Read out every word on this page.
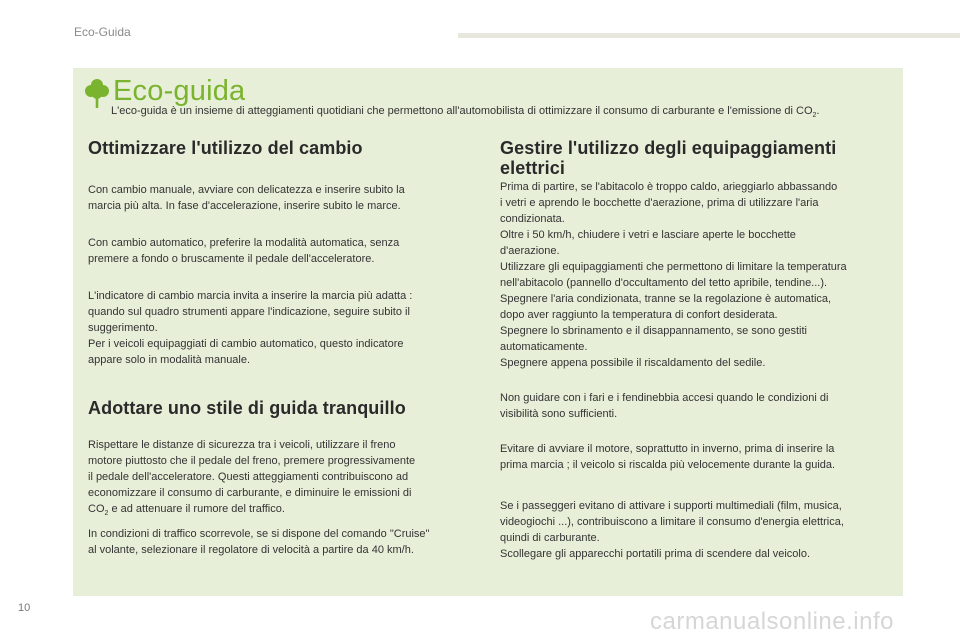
Eco-Guida
Eco-guida
L'eco-guida è un insieme di atteggiamenti quotidiani che permettono all'automobilista di ottimizzare il consumo di carburante e l'emissione di $CO_2$.
Ottimizzare l'utilizzo del cambio

Con cambio manuale, avviare con delicatezza e inserire subito la
marcia più alta. In fase d'accelerazione, inserire subito le marce.

Con cambio automatico, preferire la modalità automatica, senza
premere a fondo o bruscamente il pedale dell'acceleratore.

L'indicatore di cambio marcia invita a inserire la marcia più adatta :
quando sul quadro strumenti appare l'indicazione, seguire subito il
suggerimento.
Per i veicoli equipaggiati di cambio automatico, questo indicatore
appare solo in modalità manuale.

Adottare uno stile di guida tranquillo

Rispettare le distanze di sicurezza tra i veicoli, utilizzare il freno
motore piuttosto che il pedale del freno, premere progressivamente
il pedale dell'acceleratore. Questi atteggiamenti contribuiscono ad
economizzare il consumo di carburante, e diminuire le emissioni di
$CO_2$ e ad attenuare il rumore del traffico.

In condizioni di traffico scorrevole, se si dispone del comando "Cruise"
al volante, selezionare il regolatore di velocità a partire da 40 km/h.

Gestire l'utilizzo degli equipaggiamenti
elettrici

Prima di partire, se l'abitacolo è troppo caldo, arieggiarlo abbassando
i vetri e aprendo le bocchette d'aerazione, prima di utilizzare l'aria
condizionata.
Oltre i 50 km/h, chiudere i vetri e lasciare aperte le bocchette
d'aerazione.
Utilizzare gli equipaggiamenti che permettono di limitare la temperatura
nell'abitacolo (pannello d'occultamento del tetto apribile, tendine...).
Spegnere l'aria condizionata, tranne se la regolazione è automatica,
dopo aver raggiunto la temperatura di confort desiderata.
Spegnere lo sbrinamento e il disappannamento, se sono gestiti
automaticamente.
Spegnere appena possibile il riscaldamento del sedile.

Non guidare con i fari e i fendinebbia accesi quando le condizioni di
visibilità sono sufficienti.

Evitare di avviare il motore, soprattutto in inverno, prima di inserire la
prima marcia ; il veicolo si riscalda più velocemente durante la guida.

Se i passeggeri evitano di attivare i supporti multimediali (film, musica,
videogiochi ...), contribuiscono a limitare il consumo d'energia elettrica,
quindi di carburante.
Scollegare gli apparecchi portatili prima di scendere dal veicolo.

10	carmanualsonline.info
